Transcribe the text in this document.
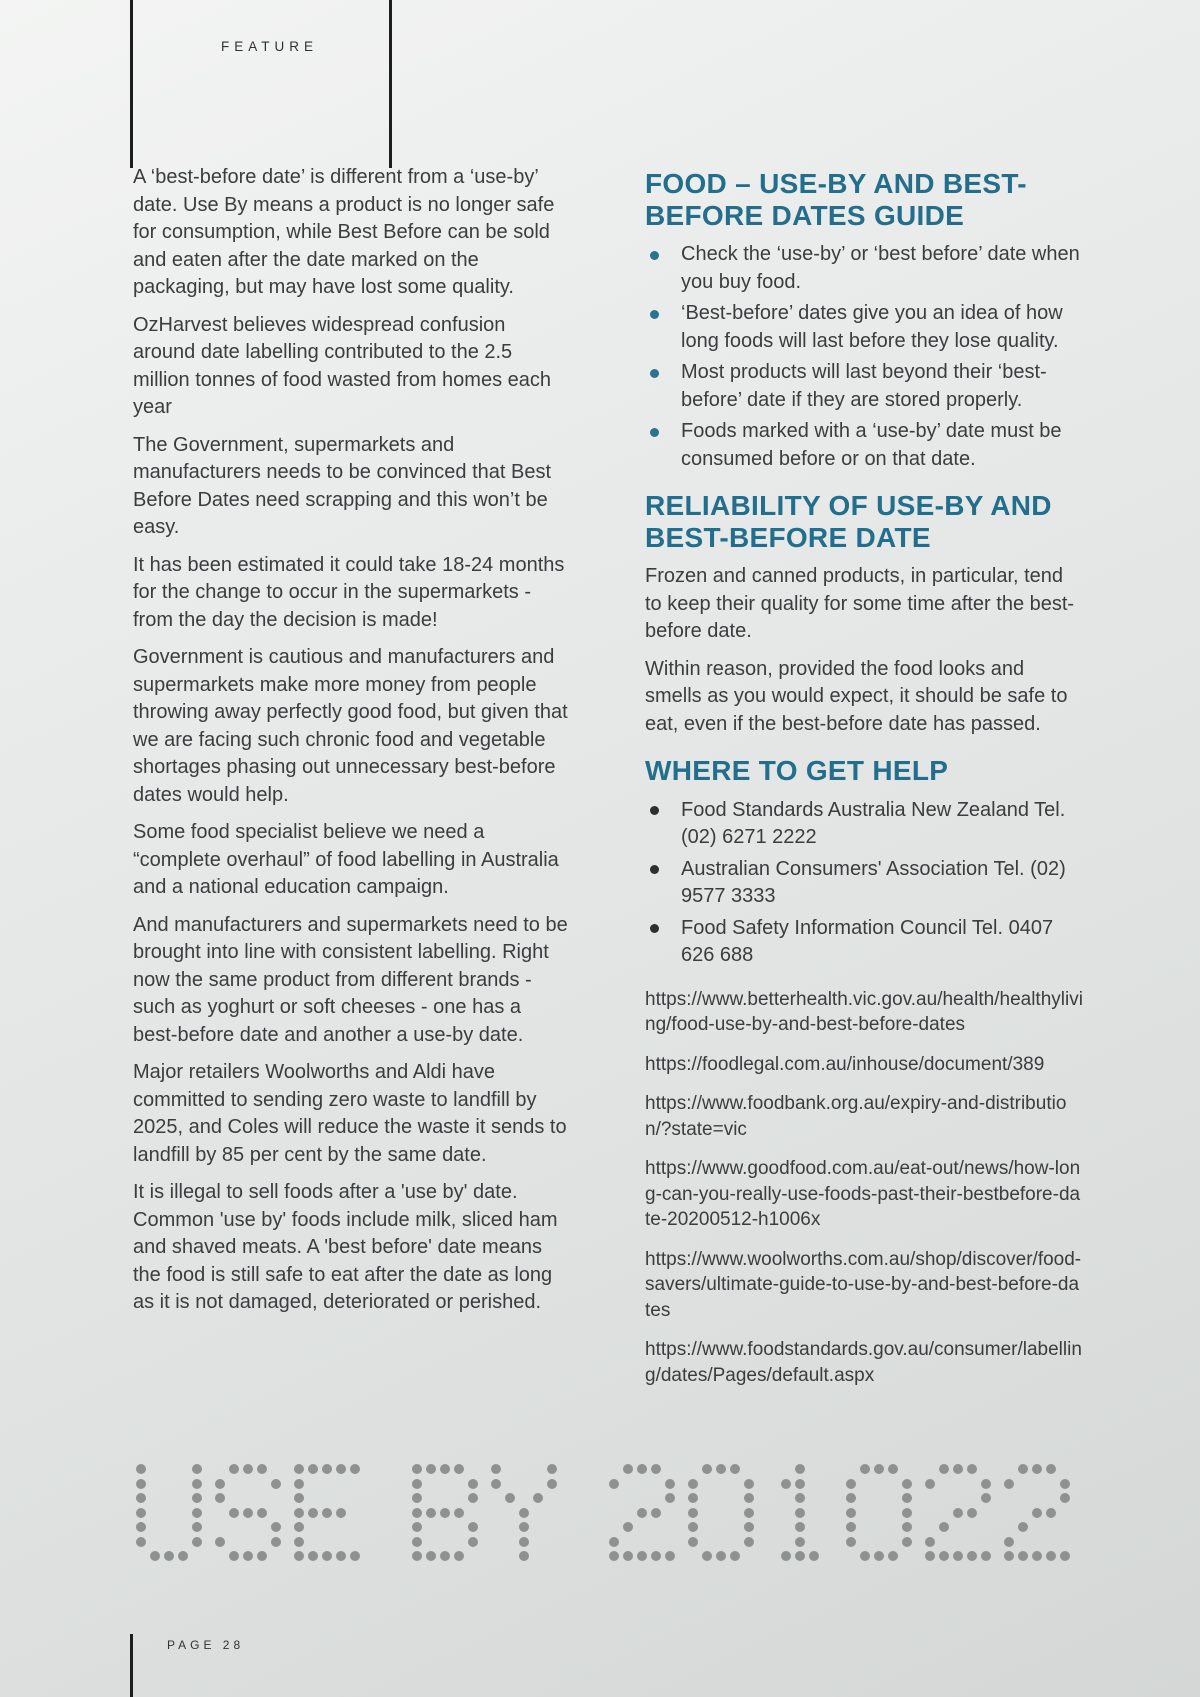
FEATURE

A ‘best-before date’ is different from a ‘use-by’ date. Use By means a product is no longer safe for consumption, while Best Before can be sold and eaten after the date marked on the packaging, but may have lost some quality.

OzHarvest believes widespread confusion around date labelling contributed to the 2.5 million tonnes of food wasted from homes each year

The Government, supermarkets and manufacturers needs to be convinced that Best Before Dates need scrapping and this won’t be easy.

It has been estimated it could take 18-24 months for the change to occur in the supermarkets - from the day the decision is made!

Government is cautious and manufacturers and supermarkets make more money from people throwing away perfectly good food, but given that we are facing such chronic food and vegetable shortages phasing out unnecessary best-before dates would help.

Some food specialist believe we need a “complete overhaul” of food labelling in Australia and a national education campaign.

And manufacturers and supermarkets need to be brought into line with consistent labelling. Right now the same product from different brands - such as yoghurt or soft cheeses - one has a best-before date and another a use-by date.

Major retailers Woolworths and Aldi have committed to sending zero waste to landfill by 2025, and Coles will reduce the waste it sends to landfill by 85 per cent by the same date.

It is illegal to sell foods after a 'use by' date. Common 'use by' foods include milk, sliced ham and shaved meats. A 'best before' date means the food is still safe to eat after the date as long as it is not damaged, deteriorated or perished.

FOOD – USE-BY AND BEST-BEFORE DATES GUIDE
Check the ‘use-by’ or ‘best before’ date when you buy food.
‘Best-before’ dates give you an idea of how long foods will last before they lose quality.
Most products will last beyond their ‘best-before’ date if they are stored properly.
Foods marked with a ‘use-by’ date must be consumed before or on that date.
RELIABILITY OF USE-BY AND BEST-BEFORE DATE

Frozen and canned products, in particular, tend to keep their quality for some time after the best-before date.

Within reason, provided the food looks and smells as you would expect, it should be safe to eat, even if the best-before date has passed.

WHERE TO GET HELP
Food Standards Australia New Zealand Tel. (02) 6271 2222
Australian Consumers' Association Tel. (02) 9577 3333
Food Safety Information Council Tel. 0407 626 688

https://www.betterhealth.vic.gov.au/health/healthyliving/food-use-by-and-best-before-dates

https://foodlegal.com.au/inhouse/document/389

https://www.foodbank.org.au/expiry-and-distribution/?state=vic

https://www.goodfood.com.au/eat-out/news/how-long-can-you-really-use-foods-past-their-bestbefore-date-20200512-h1006x

https://www.woolworths.com.au/shop/discover/food-savers/ultimate-guide-to-use-by-and-best-before-dates

https://www.foodstandards.gov.au/consumer/labelling/dates/Pages/default.aspx

PAGE 28
